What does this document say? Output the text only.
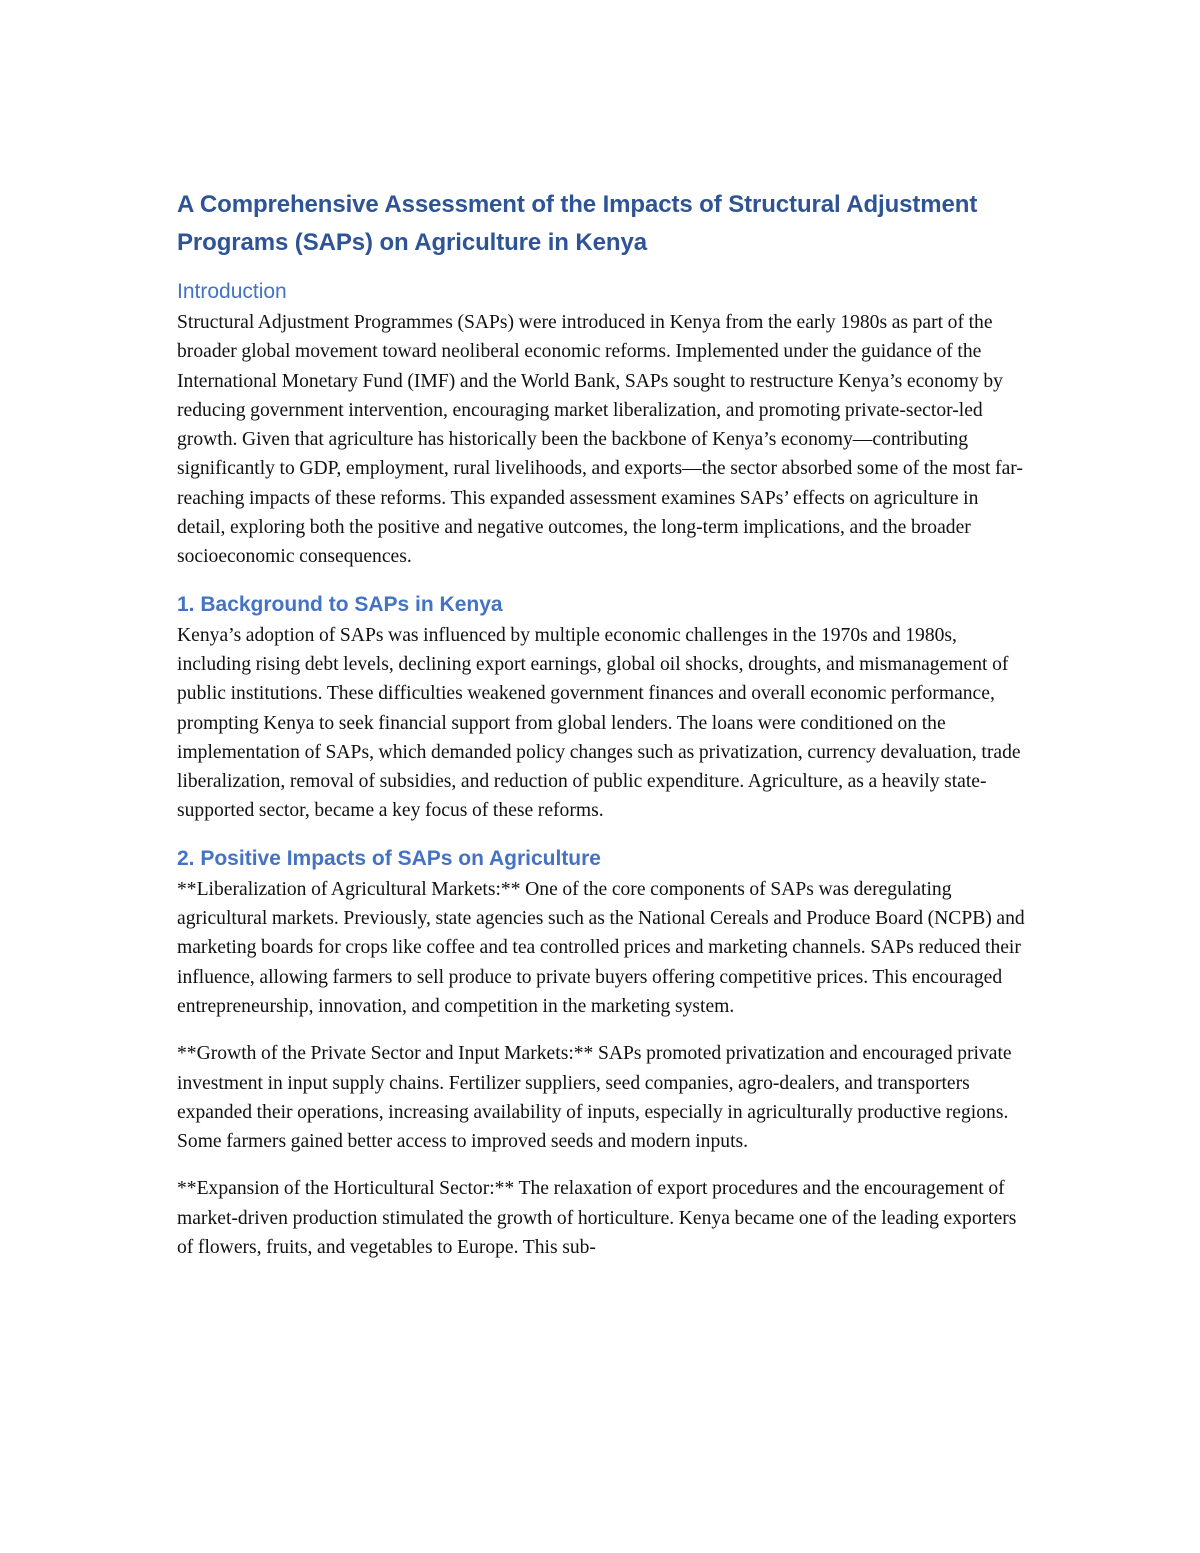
A Comprehensive Assessment of the Impacts of Structural Adjustment Programs (SAPs) on Agriculture in Kenya
Introduction

Structural Adjustment Programmes (SAPs) were introduced in Kenya from the early 1980s as part of the broader global movement toward neoliberal economic reforms. Implemented under the guidance of the International Monetary Fund (IMF) and the World Bank, SAPs sought to restructure Kenya’s economy by reducing government intervention, encouraging market liberalization, and promoting private-sector-led growth. Given that agriculture has historically been the backbone of Kenya’s economy—contributing significantly to GDP, employment, rural livelihoods, and exports—the sector absorbed some of the most far-reaching impacts of these reforms. This expanded assessment examines SAPs’ effects on agriculture in detail, exploring both the positive and negative outcomes, the long-term implications, and the broader socioeconomic consequences.

1. Background to SAPs in Kenya

Kenya’s adoption of SAPs was influenced by multiple economic challenges in the 1970s and 1980s, including rising debt levels, declining export earnings, global oil shocks, droughts, and mismanagement of public institutions. These difficulties weakened government finances and overall economic performance, prompting Kenya to seek financial support from global lenders. The loans were conditioned on the implementation of SAPs, which demanded policy changes such as privatization, currency devaluation, trade liberalization, removal of subsidies, and reduction of public expenditure. Agriculture, as a heavily state-supported sector, became a key focus of these reforms.

2. Positive Impacts of SAPs on Agriculture

**Liberalization of Agricultural Markets:** One of the core components of SAPs was deregulating agricultural markets. Previously, state agencies such as the National Cereals and Produce Board (NCPB) and marketing boards for crops like coffee and tea controlled prices and marketing channels. SAPs reduced their influence, allowing farmers to sell produce to private buyers offering competitive prices. This encouraged entrepreneurship, innovation, and competition in the marketing system.

**Growth of the Private Sector and Input Markets:** SAPs promoted privatization and encouraged private investment in input supply chains. Fertilizer suppliers, seed companies, agro-dealers, and transporters expanded their operations, increasing availability of inputs, especially in agriculturally productive regions. Some farmers gained better access to improved seeds and modern inputs.

**Expansion of the Horticultural Sector:** The relaxation of export procedures and the encouragement of market-driven production stimulated the growth of horticulture. Kenya became one of the leading exporters of flowers, fruits, and vegetables to Europe. This sub-
